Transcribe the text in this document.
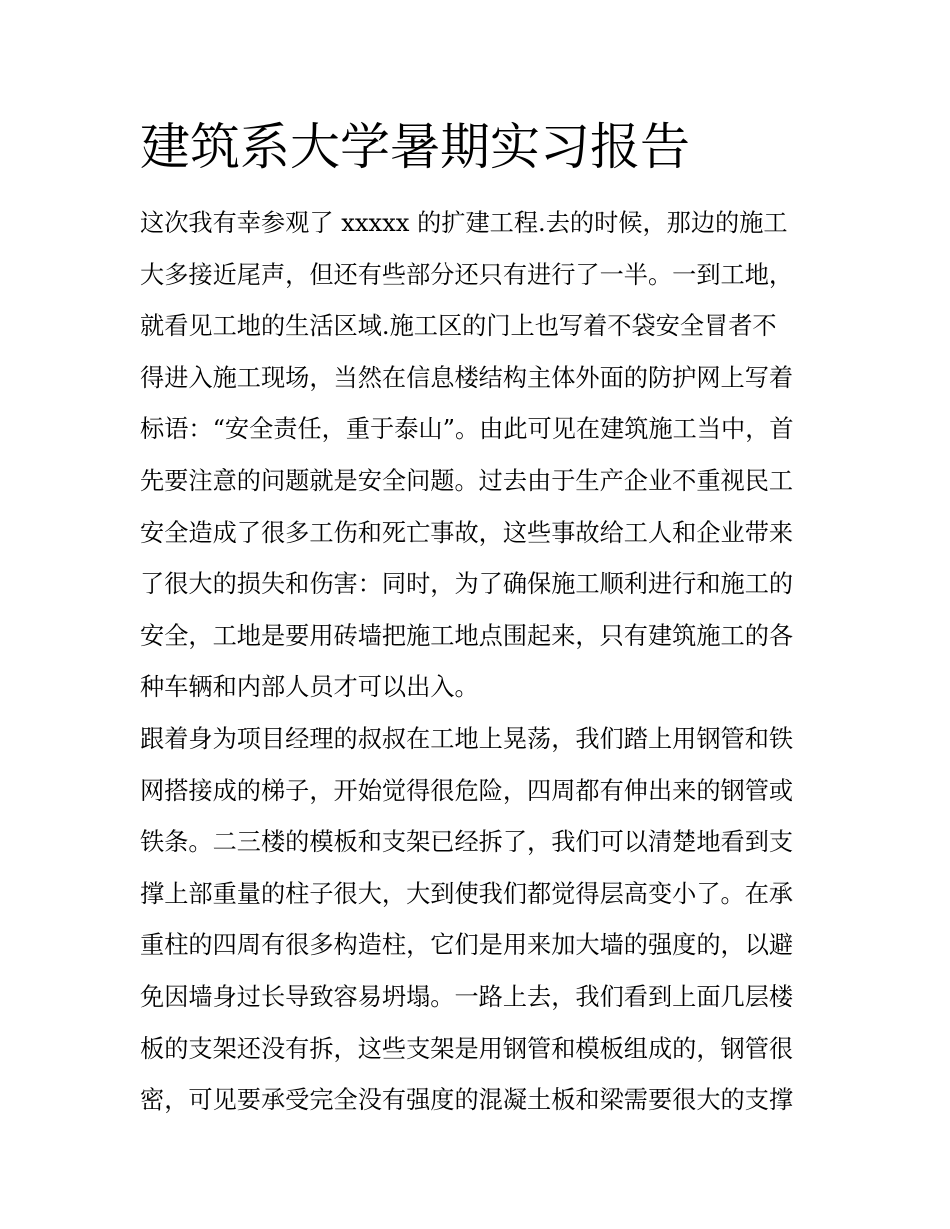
建筑系大学暑期实习报告
这次我有幸参观了 xxxxx 的扩建工程.去的时候，那边的施工
大多接近尾声，但还有些部分还只有进行了一半。一到工地，
就看见工地的生活区域.施工区的门上也写着不袋安全冒者不
得进入施工现场，当然在信息楼结构主体外面的防护网上写着
标语：“安全责任，重于泰山”。由此可见在建筑施工当中，首
先要注意的问题就是安全问题。过去由于生产企业不重视民工
安全造成了很多工伤和死亡事故，这些事故给工人和企业带来
了很大的损失和伤害：同时，为了确保施工顺利进行和施工的
安全，工地是要用砖墙把施工地点围起来，只有建筑施工的各
种车辆和内部人员才可以出入。
跟着身为项目经理的叔叔在工地上晃荡，我们踏上用钢管和铁
网搭接成的梯子，开始觉得很危险，四周都有伸出来的钢管或
铁条。二三楼的模板和支架已经拆了，我们可以清楚地看到支
撑上部重量的柱子很大，大到使我们都觉得层高变小了。在承
重柱的四周有很多构造柱，它们是用来加大墙的强度的，以避
免因墙身过长导致容易坍塌。一路上去，我们看到上面几层楼
板的支架还没有拆，这些支架是用钢管和模板组成的，钢管很
密，可见要承受完全没有强度的混凝土板和梁需要很大的支撑
